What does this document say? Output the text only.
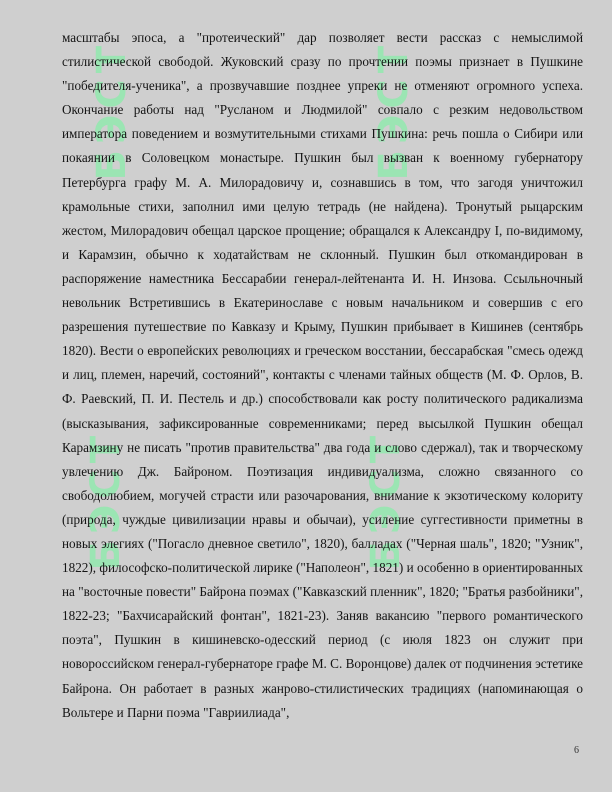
БЭСТ	БЭСТ
БЭСТ	БЭСТ

масштабы эпоса, а "протеический" дар позволяет вести рассказ с немыслимой стилистической свободой. Жуковский сразу по прочтении поэмы признает в Пушкине "победителя-ученика", а прозвучавшие позднее упреки не отменяют огромного успеха. Окончание работы над "Русланом и Людмилой" совпало с резким недовольством императора поведением и возмутительными стихами Пушкина: речь пошла о Сибири или покаянии в Соловецком монастыре. Пушкин был вызван к военному губернатору Петербурга графу М. А. Милорадовичу и, сознавшись в том, что загодя уничтожил крамольные стихи, заполнил ими целую тетрадь (не найдена). Тронутый рыцарским жестом, Милорадович обещал царское прощение; обращался к Александру I, по-видимому, и Карамзин, обычно к ходатайствам не склонный. Пушкин был откомандирован в распоряжение наместника Бессарабии генерал-лейтенанта И. Н. Инзова. Ссыльночный невольник Встретившись в Екатеринославе с новым начальником и совершив с его разрешения путешествие по Кавказу и Крыму, Пушкин прибывает в Кишинев (сентябрь 1820). Вести о европейских революциях и греческом восстании, бессарабская "смесь одежд и лиц, племен, наречий, состояний", контакты с членами тайных обществ (М. Ф. Орлов, В. Ф. Раевский, П. И. Пестель и др.) способствовали как росту политического радикализма (высказывания, зафиксированные современниками; перед высылкой Пушкин обещал Карамзину не писать "против правительства" два года и слово сдержал), так и творческому увлечению Дж. Байроном. Поэтизация индивидуализма, сложно связанного со свободолюбием, могучей страсти или разочарования, внимание к экзотическому колориту (природа, чуждые цивилизации нравы и обычаи), усиление суггестивности приметны в новых элегиях ("Погасло дневное светило", 1820), балладах ("Черная шаль", 1820; "Узник", 1822), философско-политической лирике ("Наполеон", 1821) и особенно в ориентированных на "восточные повести" Байрона поэмах ("Кавказский пленник", 1820; "Братья разбойники", 1822-23; "Бахчисарайский фонтан", 1821-23). Заняв вакансию "первого романтического поэта", Пушкин в кишиневско-одесский период (с июля 1823 он служит при новороссийском генерал-губернаторе графе М. С. Воронцове) далек от подчинения эстетике Байрона. Он работает в разных жанрово-стилистических традициях (напоминающая о Вольтере и Парни поэма "Гавриилиада",

6
